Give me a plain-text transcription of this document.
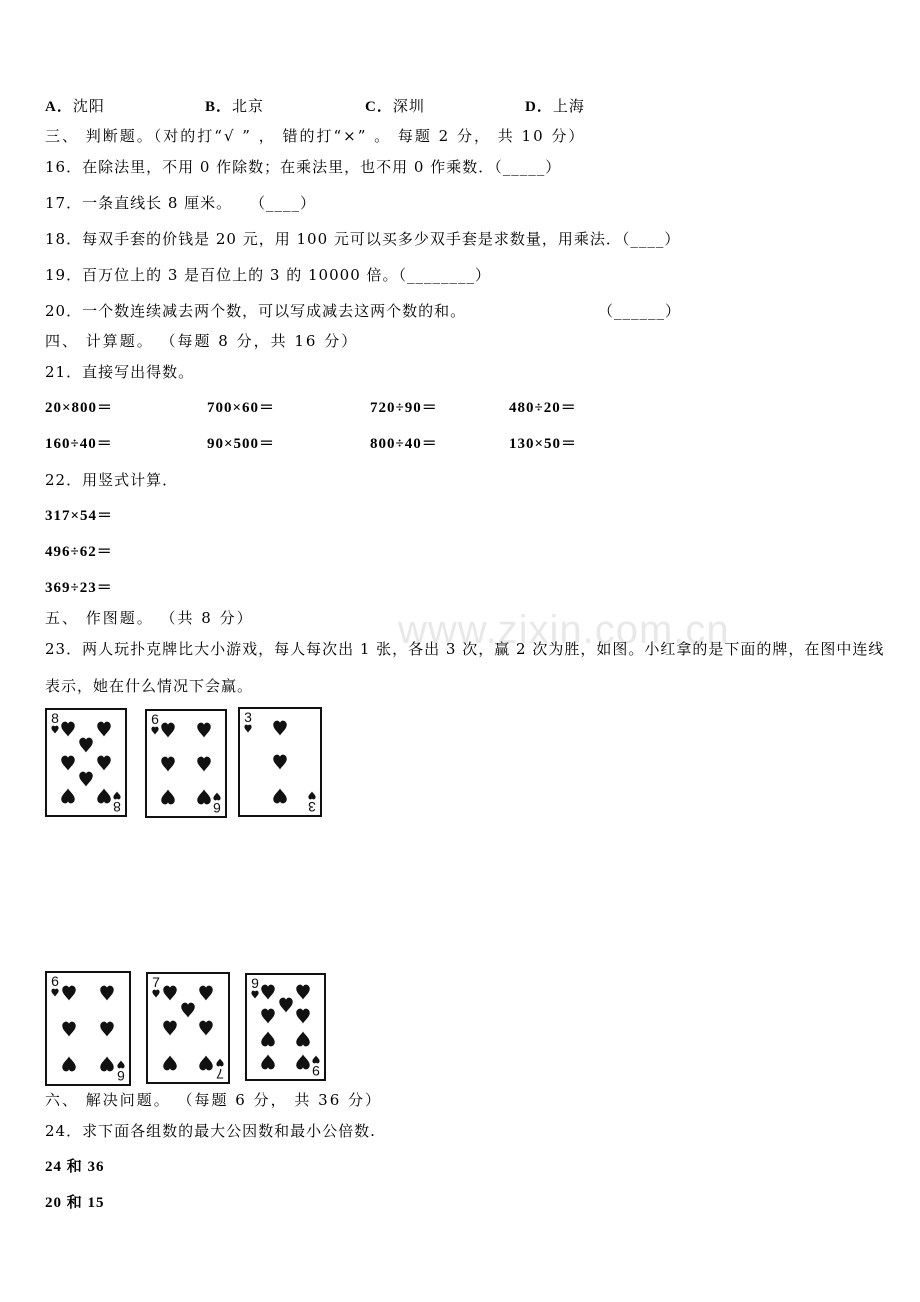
www.zixin.com.cn
A．沈阳	B．北京	C．深圳	D．上海
三、 判断题。（对的打“√ ” ， 错的打“×” 。 每题 2 分， 共 10 分）
16．在除法里，不用 0 作除数；在乘法里，也不用 0 作乘数．（_____）
17．一条直线长 8 厘米。 （____）
18．每双手套的价钱是 20 元，用 100 元可以买多少双手套是求数量，用乘法．（____）
19．百万位上的 3 是百位上的 3 的 10000 倍。（________）
20．一个数连续减去两个数，可以写成减去这两个数的和。	（______）
四、 计算题。 （每题 8 分，共 16 分）
21．直接写出得数。
20×800＝	700×60＝	720÷90＝	480÷20＝
160÷40＝	90×500＝	800÷40＝	130×50＝
22．用竖式计算．
317×54＝
496÷62＝
369÷23＝
五、 作图题。 （共 8 分）
23．两人玩扑克牌比大小游戏，每人每次出 1 张，各出 3 次，赢 2 次为胜，如图。小红拿的是下面的牌，在图中连线
表示，她在什么情况下会赢。
8
8
6
6
3
3
6
6
7
7
9
9
六、 解决问题。 （每题 6 分， 共 36 分）
24．求下面各组数的最大公因数和最小公倍数.
24 和 36
20 和 15
